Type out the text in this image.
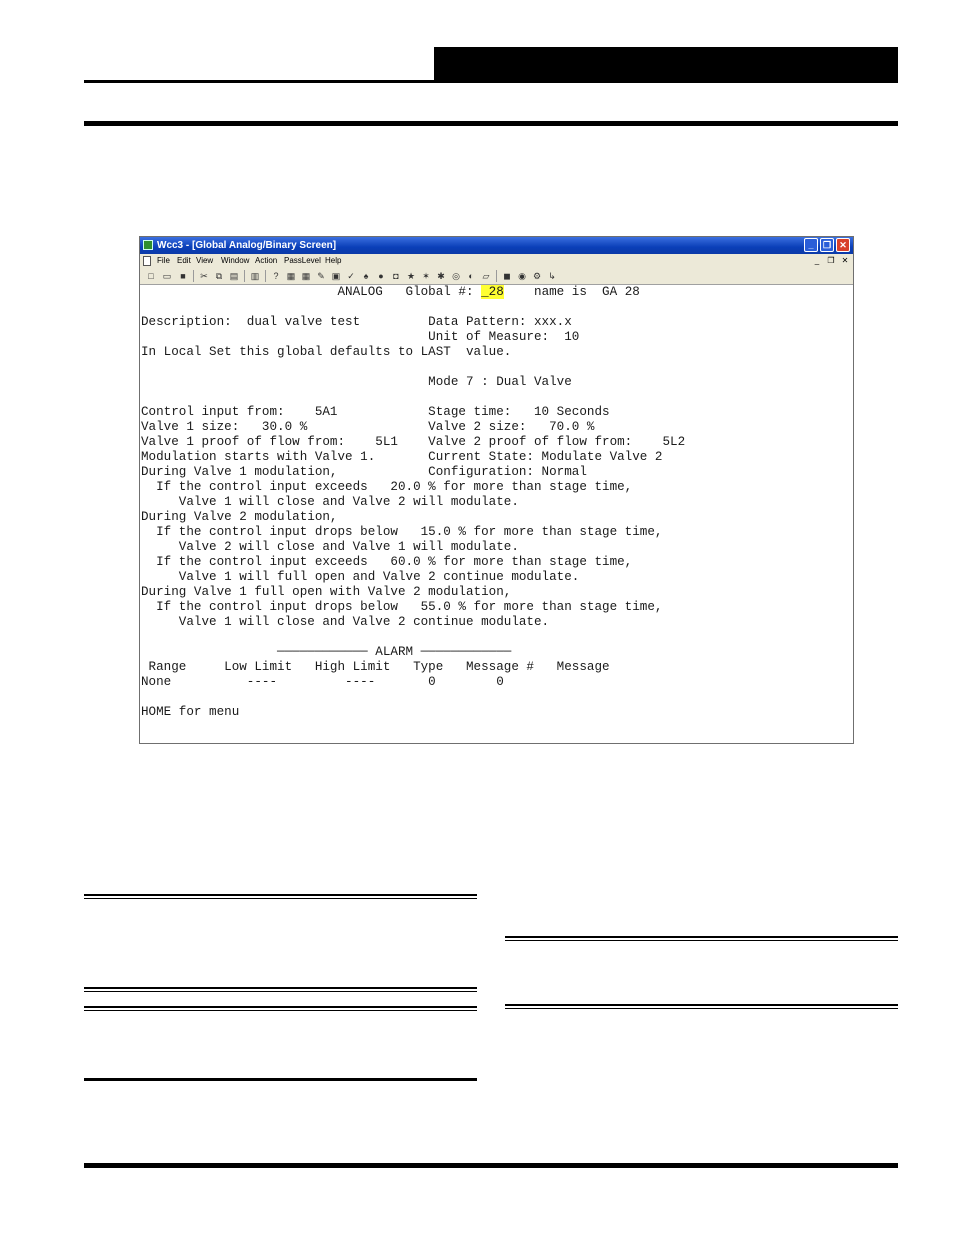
Wcc3 - [Global Analog/Binary Screen]	_	❐ ✕
File Edit View Window Action PassLevel Help	_	❐ ✕
□ ▭ ■ ✂ ⧉ ▤ ▥ ? ▦ ▦ ✎ ▣ ✓ ♠ ● ◘ ★ ✶ ✱ ◎ ◐ ▱ ◼ ◉ ⚙ ↳
ANALOG   Global #: _28    name is  GA 28
Description:  dual valve test         Data Pattern: xxx.x
Unit of Measure:  10
In Local Set this global defaults to LAST  value.
Mode 7 : Dual Valve
Control input from:    5A1            Stage time:   10 Seconds
Valve 1 size:   30.0 %                Valve 2 size:   70.0 %
Valve 1 proof of flow from:    5L1    Valve 2 proof of flow from:    5L2
Modulation starts with Valve 1.       Current State: Modulate Valve 2
During Valve 1 modulation,            Configuration: Normal
If the control input exceeds   20.0 % for more than stage time,
Valve 1 will close and Valve 2 will modulate.
During Valve 2 modulation,
If the control input drops below   15.0 % for more than stage time,
Valve 2 will close and Valve 1 will modulate.
If the control input exceeds   60.0 % for more than stage time,
Valve 1 will full open and Valve 2 continue modulate.
During Valve 1 full open with Valve 2 modulation,
If the control input drops below   55.0 % for more than stage time,
Valve 1 will close and Valve 2 continue modulate.
──────────── ALARM ────────────
Range     Low Limit   High Limit   Type   Message #   Message
None          ----         ----       0        0
HOME for menu
